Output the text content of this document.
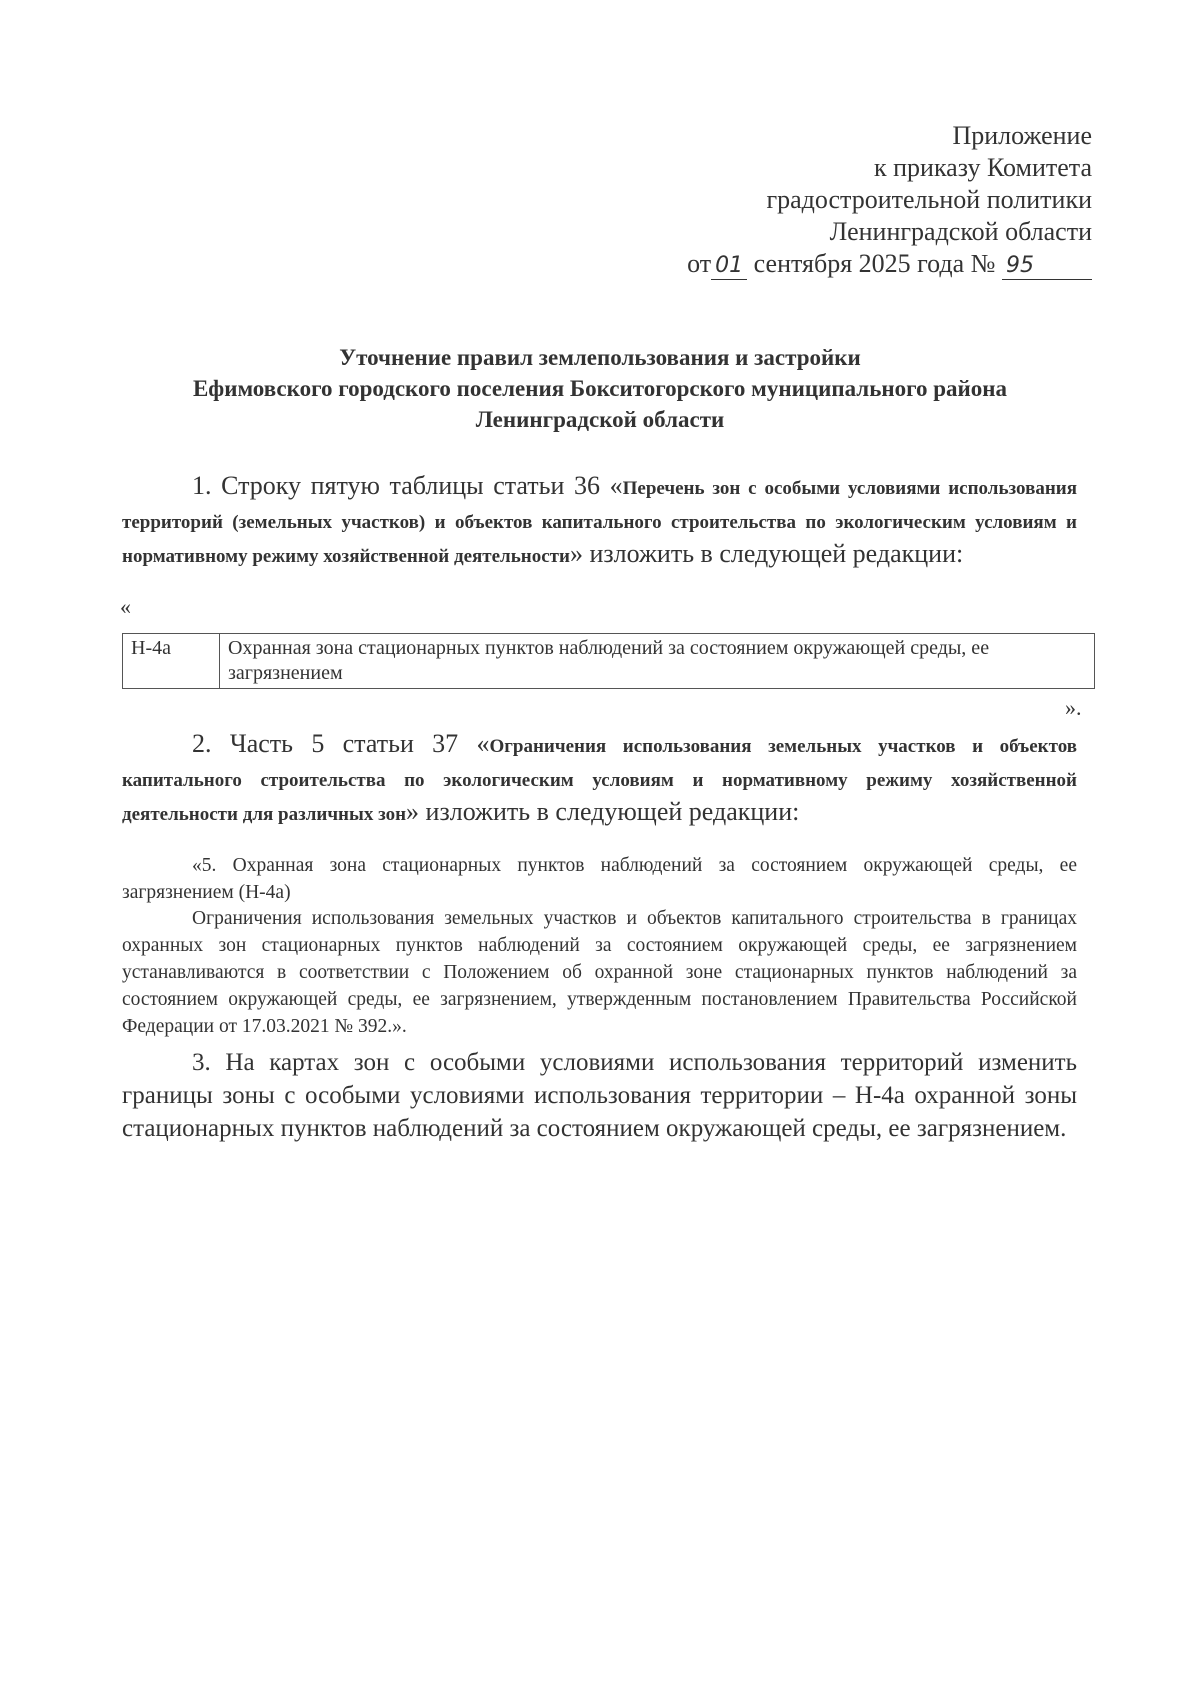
Приложение
к приказу Комитета
градостроительной политики
Ленинградской области
от 01 сентября 2025 года № 95
Уточнение правил землепользования и застройки
Ефимовского городского поселения Бокситогорского муниципального района
Ленинградской области
1. Строку пятую таблицы статьи 36 «Перечень зон с особыми условиями использования территорий (земельных участков) и объектов капитального строительства по экологическим условиям и нормативному режиму хозяйственной деятельности» изложить в следующей редакции:
«
Н-4а	Охранная зона стационарных пунктов наблюдений за состоянием окружающей среды, ее загрязнением
».
2. Часть 5 статьи 37 «Ограничения использования земельных участков и объектов капитального строительства по экологическим условиям и нормативному режиму хозяйственной деятельности для различных зон» изложить в следующей редакции:
«5. Охранная зона стационарных пунктов наблюдений за состоянием окружающей среды, ее загрязнением (Н-4а)
Ограничения использования земельных участков и объектов капитального строительства в границах охранных зон стационарных пунктов наблюдений за состоянием окружающей среды, ее загрязнением устанавливаются в соответствии с Положением об охранной зоне стационарных пунктов наблюдений за состоянием окружающей среды, ее загрязнением, утвержденным постановлением Правительства Российской Федерации от 17.03.2021 № 392.».
3. На картах зон с особыми условиями использования территорий изменить границы зоны с особыми условиями использования территории – Н-4а охранной зоны стационарных пунктов наблюдений за состоянием окружающей среды, ее загрязнением.
